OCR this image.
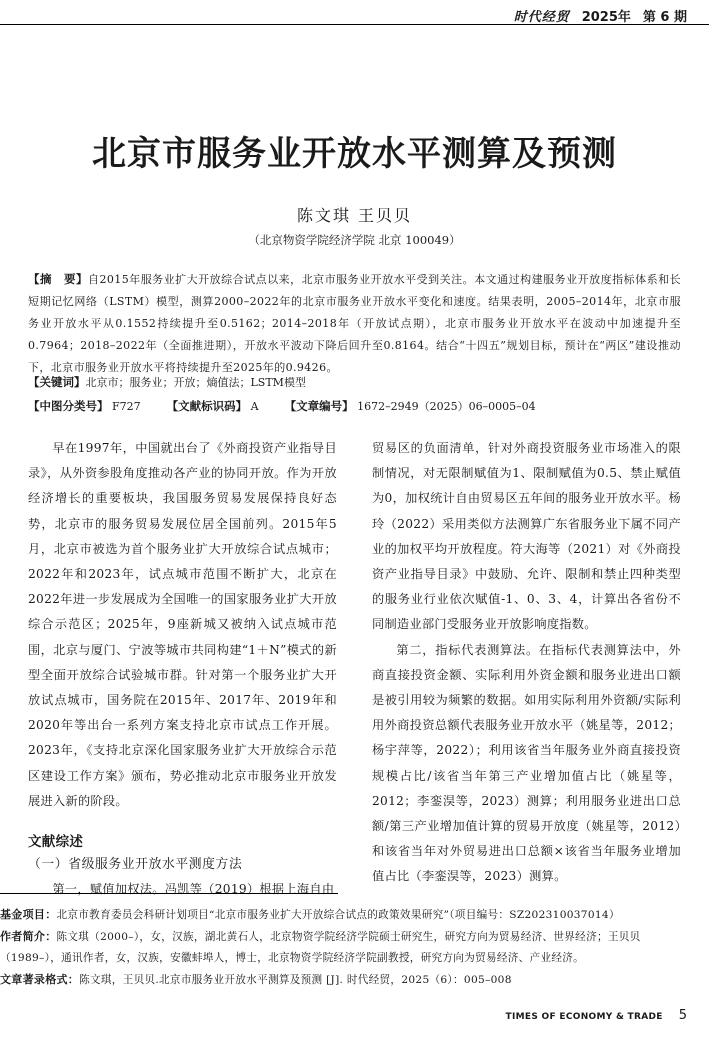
时代经贸 2025年 第 6 期
北京市服务业开放水平测算及预测
陈文琪 王贝贝
（北京物资学院经济学院 北京 100049）
【摘　要】自2015年服务业扩大开放综合试点以来，北京市服务业开放水平受到关注。本文通过构建服务业开放度指标体系和长短期记忆网络（LSTM）模型，测算2000–2022年的北京市服务业开放水平变化和速度。结果表明，2005–2014年，北京市服务业开放水平从0.1552持续提升至0.5162；2014–2018年（开放试点期），北京市服务业开放水平在波动中加速提升至0.7964；2018–2022年（全面推进期），开放水平波动下降后回升至0.8164。结合“十四五”规划目标，预计在“两区”建设推动下，北京市服务业开放水平将持续提升至2025年的0.9426。
【关键词】北京市；服务业；开放；熵值法；LSTM模型
【中图分类号】 F727 【文献标识码】 A 【文章编号】 1672–2949（2025）06–0005–04

早在1997年，中国就出台了《外商投资产业指导目录》，从外资参股角度推动各产业的协同开放。作为开放经济增长的重要板块，我国服务贸易发展保持良好态势，北京市的服务贸易发展位居全国前列。2015年5月，北京市被选为首个服务业扩大开放综合试点城市；2022年和2023年，试点城市范围不断扩大，北京在2022年进一步发展成为全国唯一的国家服务业扩大开放综合示范区；2025年，9座新城又被纳入试点城市范围，北京与厦门、宁波等城市共同构建“1＋N”模式的新型全面开放综合试验城市群。针对第一个服务业扩大开放试点城市，国务院在2015年、2017年、2019年和2020年等出台一系列方案支持北京市试点工作开展。2023年，《支持北京深化国家服务业扩大开放综合示范区建设工作方案》颁布，势必推动北京市服务业开放发展进入新的阶段。

文献综述
（一）省级服务业开放水平测度方法

第一，赋值加权法。冯凯等（2019）根据上海自由

贸易区的负面清单，针对外商投资服务业市场准入的限制情况，对无限制赋值为1、限制赋值为0.5、禁止赋值为0，加权统计自由贸易区五年间的服务业开放水平。杨玲（2022）采用类似方法测算广东省服务业下属不同产业的加权平均开放程度。符大海等（2021）对《外商投资产业指导目录》中鼓励、允许、限制和禁止四种类型的服务业行业依次赋值-1、0、3、4，计算出各省份不同制造业部门受服务业开放影响度指数。

第二，指标代表测算法。在指标代表测算法中，外商直接投资金额、实际利用外资金额和服务业进出口额是被引用较为频繁的数据。如用实际利用外资额/实际利用外商投资总额代表服务业开放水平（姚星等，2012；杨宇萍等，2022）；利用该省当年服务业外商直接投资规模占比/该省当年第三产业增加值占比（姚星等，2012；李銮淏等，2023）测算；利用服务业进出口总额/第三产业增加值计算的贸易开放度（姚星等，2012）和该省当年对外贸易进出口总额×该省当年服务业增加值占比（李銮淏等，2023）测算。

基金项目：北京市教育委员会科研计划项目“北京市服务业扩大开放综合试点的政策效果研究”（项目编号：SZ202310037014）
作者简介：陈文琪（2000–），女，汉族，湖北黄石人，北京物资学院经济学院硕士研究生，研究方向为贸易经济、世界经济；王贝贝（1989–），通讯作者，女，汉族，安徽蚌埠人，博士，北京物资学院经济学院副教授，研究方向为贸易经济、产业经济。
文章著录格式：陈文琪，王贝贝.北京市服务业开放水平测算及预测 [J]. 时代经贸，2025（6）：005–008
TIMES OF ECONOMY & TRADE 5
